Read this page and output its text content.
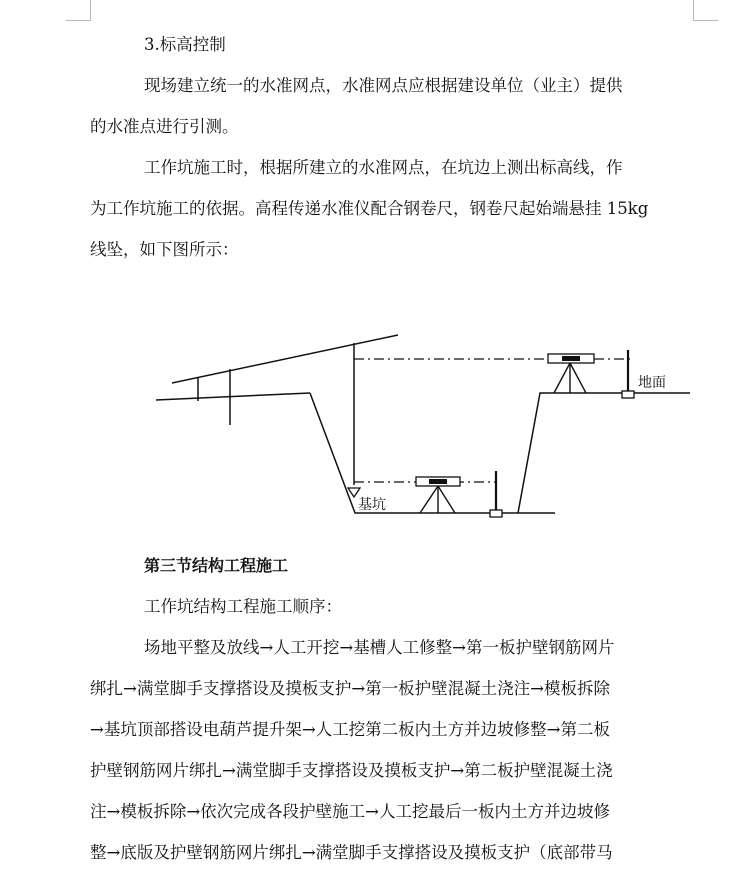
3.标高控制

现场建立统一的水准网点，水准网点应根据建设单位（业主）提供
的水准点进行引测。

工作坑施工时，根据所建立的水准网点，在坑边上测出标高线，作
为工作坑施工的依据。高程传递水准仪配合钢卷尺，钢卷尺起始端悬挂 15kg
线坠，如下图所示：

地面
基坑

第三节结构工程施工

工作坑结构工程施工顺序：

场地平整及放线→人工开挖→基槽人工修整→第一板护壁钢筋网片
绑扎→满堂脚手支撑搭设及摸板支护→第一板护壁混凝土浇注→模板拆除
→基坑顶部搭设电葫芦提升架→人工挖第二板内土方并边坡修整→第二板
护壁钢筋网片绑扎→满堂脚手支撑搭设及摸板支护→第二板护壁混凝土浇
注→模板拆除→依次完成各段护壁施工→人工挖最后一板内土方并边坡修
整→底版及护壁钢筋网片绑扎→满堂脚手支撑搭设及摸板支护（底部带马
